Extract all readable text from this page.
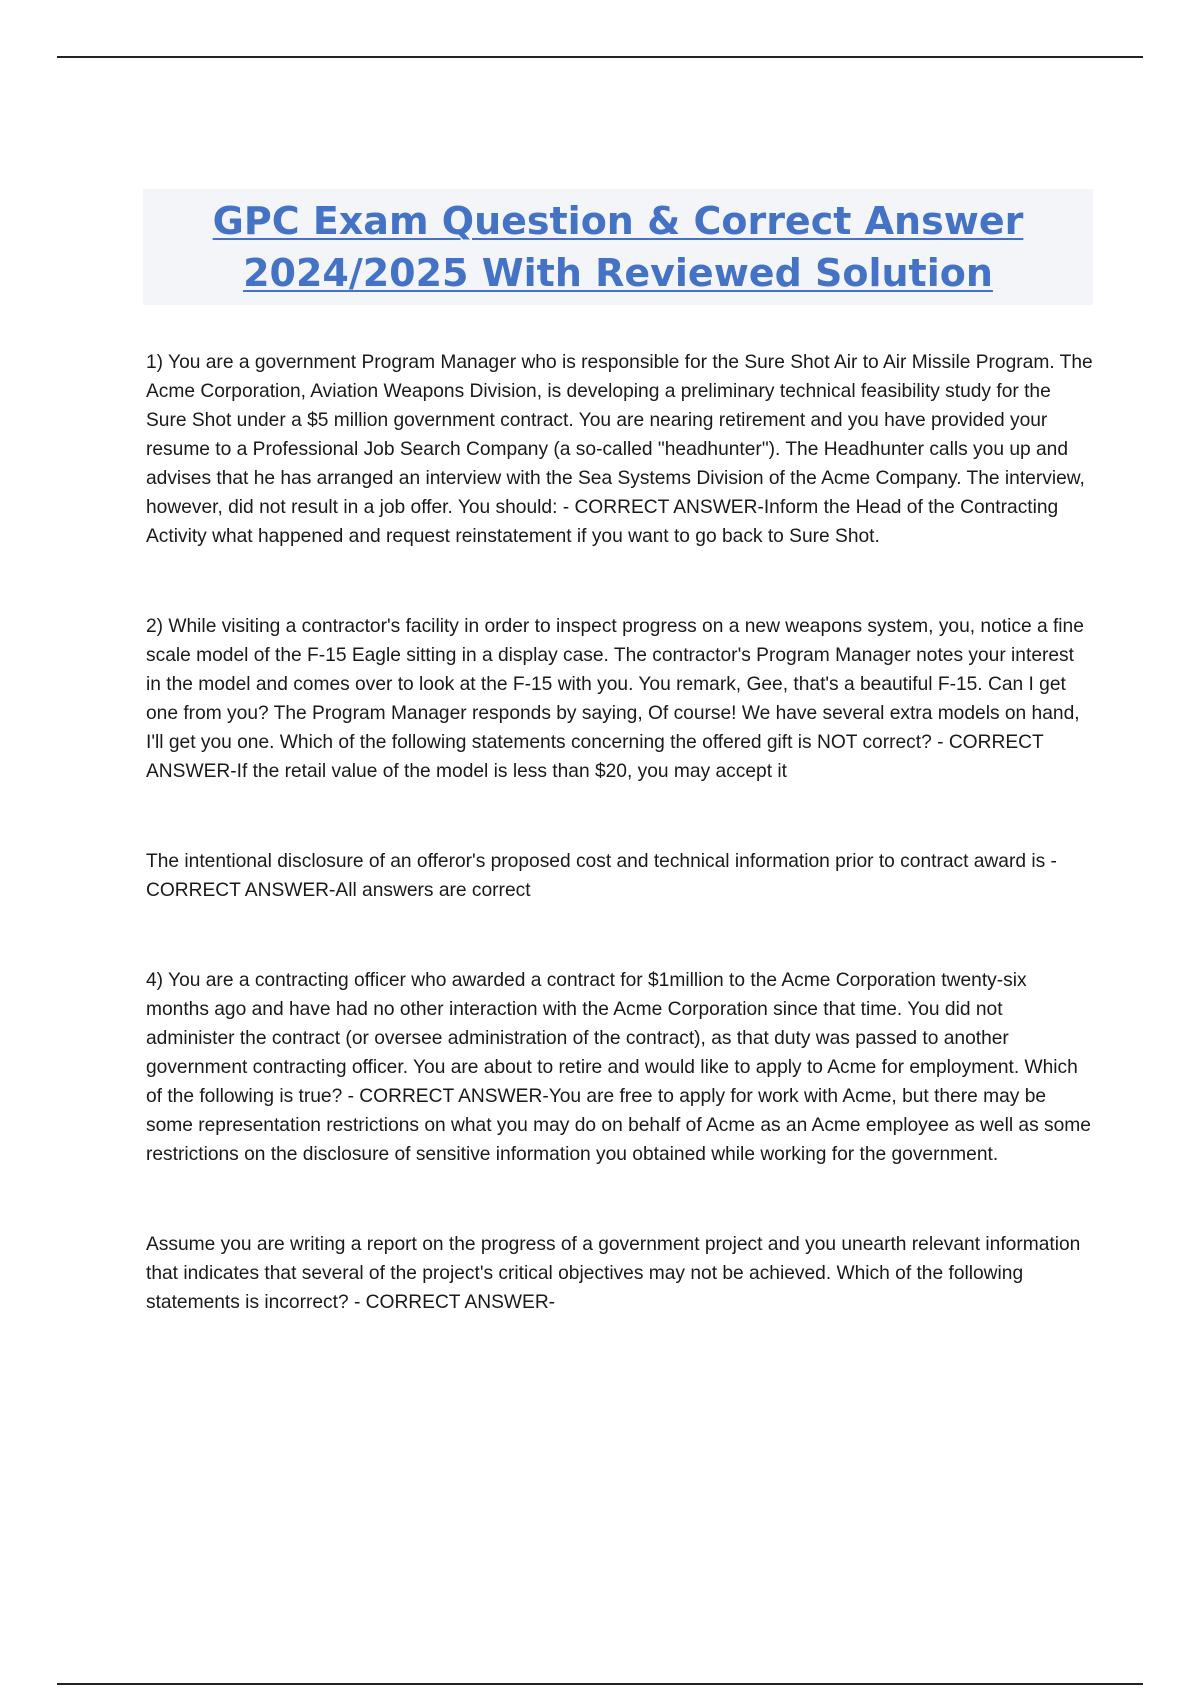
GPC Exam Question & Correct Answer
2024/2025 With Reviewed Solution

1) You are a government Program Manager who is responsible for the Sure Shot Air to Air Missile Program. The Acme Corporation, Aviation Weapons Division, is developing a preliminary technical feasibility study for the Sure Shot under a $5 million government contract. You are nearing retirement and you have provided your resume to a Professional Job Search Company (a so-called "headhunter"). The Headhunter calls you up and advises that he has arranged an interview with the Sea Systems Division of the Acme Company. The interview, however, did not result in a job offer. You should: - CORRECT ANSWER-Inform the Head of the Contracting Activity what happened and request reinstatement if you want to go back to Sure Shot.

2) While visiting a contractor's facility in order to inspect progress on a new weapons system, you, notice a fine scale model of the F-15 Eagle sitting in a display case. The contractor's Program Manager notes your interest in the model and comes over to look at the F-15 with you. You remark, Gee, that's a beautiful F-15. Can I get one from you? The Program Manager responds by saying, Of course! We have several extra models on hand, I'll get you one. Which of the following statements concerning the offered gift is NOT correct? - CORRECT ANSWER-If the retail value of the model is less than $20, you may accept it

The intentional disclosure of an offeror's proposed cost and technical information prior to contract award is - CORRECT ANSWER-All answers are correct

4) You are a contracting officer who awarded a contract for $1million to the Acme Corporation twenty-six months ago and have had no other interaction with the Acme Corporation since that time. You did not administer the contract (or oversee administration of the contract), as that duty was passed to another government contracting officer. You are about to retire and would like to apply to Acme for employment. Which of the following is true? - CORRECT ANSWER-You are free to apply for work with Acme, but there may be some representation restrictions on what you may do on behalf of Acme as an Acme employee as well as some restrictions on the disclosure of sensitive information you obtained while working for the government.

Assume you are writing a report on the progress of a government project and you unearth relevant information that indicates that several of the project's critical objectives may not be achieved. Which of the following statements is incorrect? - CORRECT ANSWER-
